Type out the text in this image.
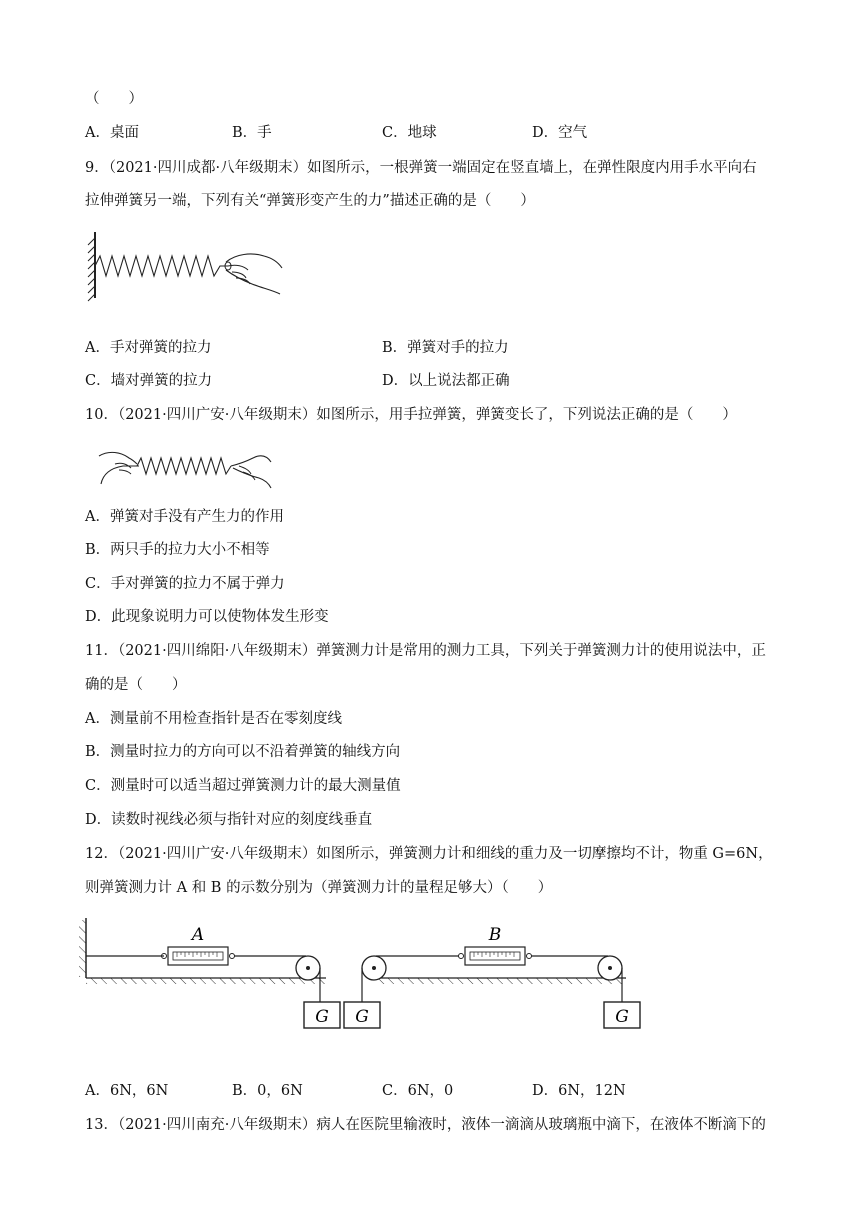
（　　）
A．桌面	B．手	C．地球	D．空气
9．（2021·四川成都·八年级期末）如图所示，一根弹簧一端固定在竖直墙上，在弹性限度内用手水平向右
拉伸弹簧另一端，下列有关“弹簧形变产生的力”描述正确的是（　　）
A．手对弹簧的拉力	B．弹簧对手的拉力
C．墙对弹簧的拉力	D．以上说法都正确
10．（2021·四川广安·八年级期末）如图所示，用手拉弹簧，弹簧变长了，下列说法正确的是（　　）
A．弹簧对手没有产生力的作用
B．两只手的拉力大小不相等
C．手对弹簧的拉力不属于弹力
D．此现象说明力可以使物体发生形变
11．（2021·四川绵阳·八年级期末）弹簧测力计是常用的测力工具，下列关于弹簧测力计的使用说法中，正
确的是（　　）
A．测量前不用检查指针是否在零刻度线
B．测量时拉力的方向可以不沿着弹簧的轴线方向
C．测量时可以适当超过弹簧测力计的最大测量值
D．读数时视线必须与指针对应的刻度线垂直
12．（2021·四川广安·八年级期末）如图所示，弹簧测力计和细线的重力及一切摩擦均不计，物重 G=6N，
则弹簧测力计 A 和 B 的示数分别为（弹簧测力计的量程足够大）（　　）
A
G G
B
G
A．6N，6N	B．0，6N	C．6N，0	D．6N，12N
13．（2021·四川南充·八年级期末）病人在医院里输液时，液体一滴滴从玻璃瓶中滴下，在液体不断滴下的
